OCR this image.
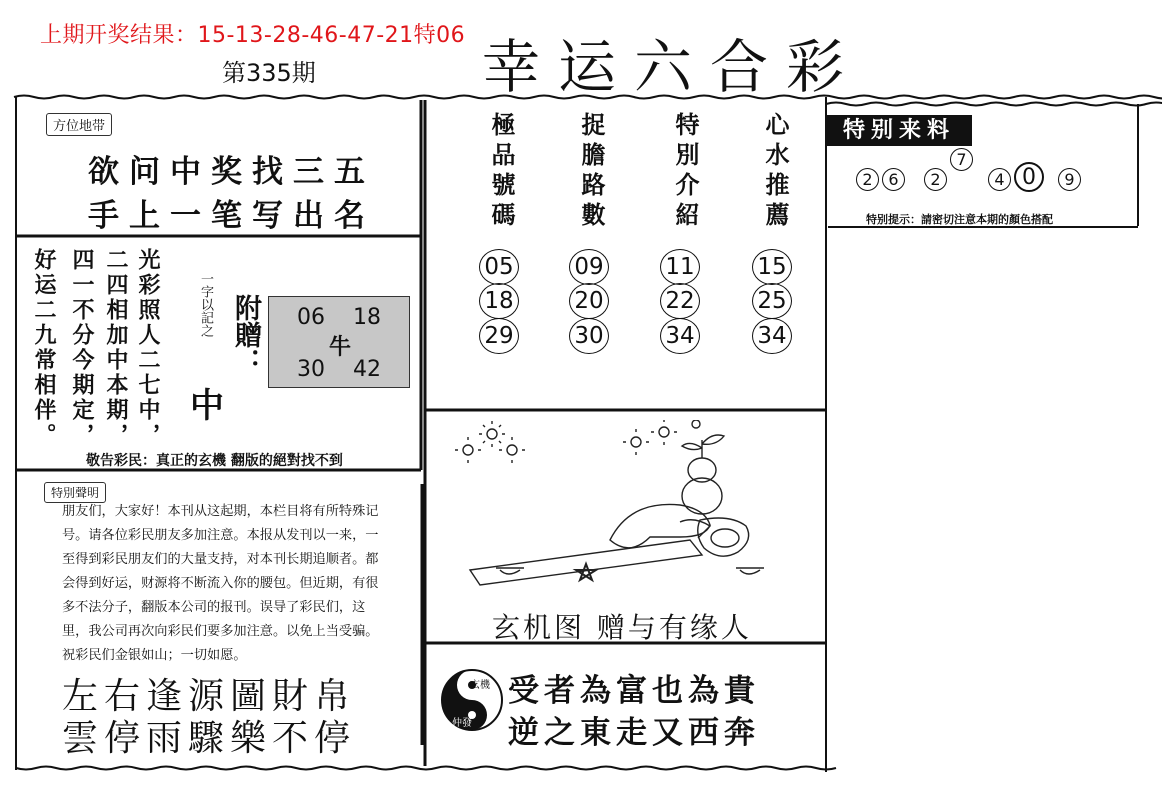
上期开奖结果：15-13-28-46-47-21特06
第335期	幸运六合彩
方位地带
欲问中奖找三五
手上一笔写出名
光彩照人二七中，
二四相加中本期，
四一不分今期定，
好运二九常相伴。	一字以記之 附贈：
中
06 18
牛
30 42
敬告彩民：真正的玄機 翻版的絕對找不到
特別聲明
朋友们，大家好！本刊从这起期，本栏目将有所特殊记号。请各位彩民朋友多加注意。本报从发刊以一来，一至得到彩民朋友们的大量支持，对本刊长期追顺者。都会得到好运，财源将不断流入你的腰包。但近期，有很多不法分子，翻版本公司的报刊。误导了彩民们，这里，我公司再次向彩民们要多加注意。以免上当受骗。祝彩民们金银如山；一切如愿。
左右逢源圖財帛
雲停雨驟樂不停
極品號碼	捉膽路數	特別介紹	心水推薦
05	09	11	15
18	20	22	25
29	30	34	34
玄机图 赠与有缘人
玄機
仲發
受者為富也為貴
逆之東走又西奔
特别来料
2 6	2
7
4 0	9
特别提示：請密切注意本期的顏色搭配
